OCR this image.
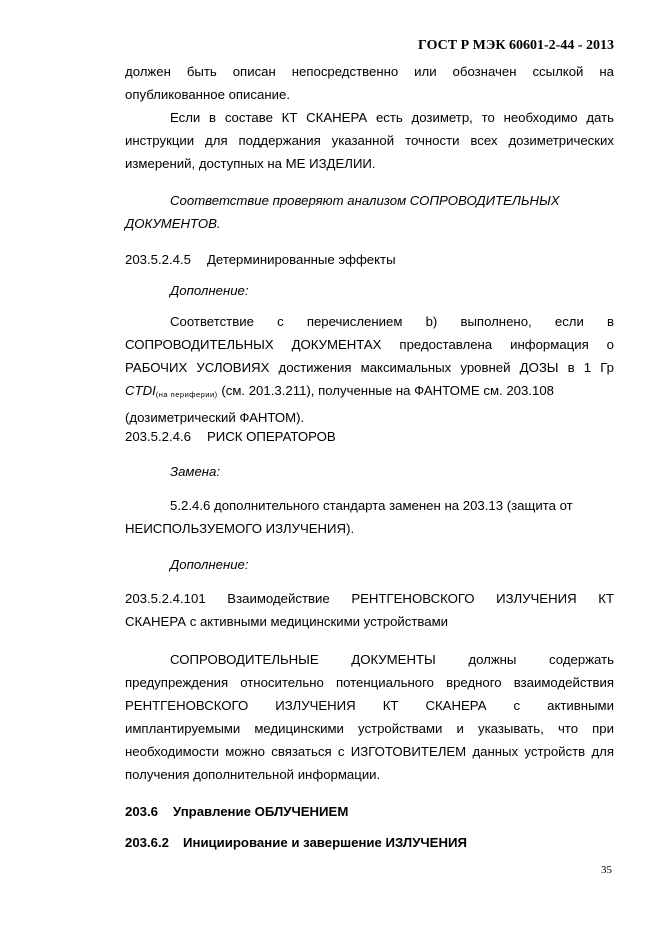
ГОСТ Р МЭК 60601-2-44 - 2013

должен быть описан непосредственно или обозначен ссылкой на

опубликованное описание.

Если в составе КТ СКАНЕРА есть дозиметр, то необходимо дать

инструкции для поддержания указанной точности всех дозиметрических

измерений, доступных на МЕ ИЗДЕЛИИ.

Соответствие проверяют анализом СОПРОВОДИТЕЛЬНЫХ

ДОКУМЕНТОВ.

203.5.2.4.5 Детерминированные эффекты
Дополнение:

Соответствие с перечислением b) выполнено, если в

СОПРОВОДИТЕЛЬНЫХ ДОКУМЕНТАХ предоставлена информация о

РАБОЧИХ УСЛОВИЯХ достижения максимальных уровней ДОЗЫ в 1 Гр

$CTDI_{(на периферии)}$ (см. 201.3.211), полученные на ФАНТОМЕ см. 203.108

(дозиметрический ФАНТОМ).

203.5.2.4.6 РИСК ОПЕРАТОРОВ
Замена:

5.2.4.6 дополнительного стандарта заменен на 203.13 (защита от

НЕИСПОЛЬЗУЕМОГО ИЗЛУЧЕНИЯ).

Дополнение:

203.5.2.4.101 Взаимодействие РЕНТГЕНОВСКОГО ИЗЛУЧЕНИЯ КТ

СКАНЕРА с активными медицинскими устройствами

СОПРОВОДИТЕЛЬНЫЕ ДОКУМЕНТЫ должны содержать

предупреждения относительно потенциального вредного взаимодействия

РЕНТГЕНОВСКОГО ИЗЛУЧЕНИЯ КТ СКАНЕРА с активными

имплантируемыми медицинскими устройствами и указывать, что при

необходимости можно связаться с ИЗГОТОВИТЕЛЕМ данных устройств для

получения дополнительной информации.

203.6 Управление ОБЛУЧЕНИЕМ
203.6.2 Инициирование и завершение ИЗЛУЧЕНИЯ
35
